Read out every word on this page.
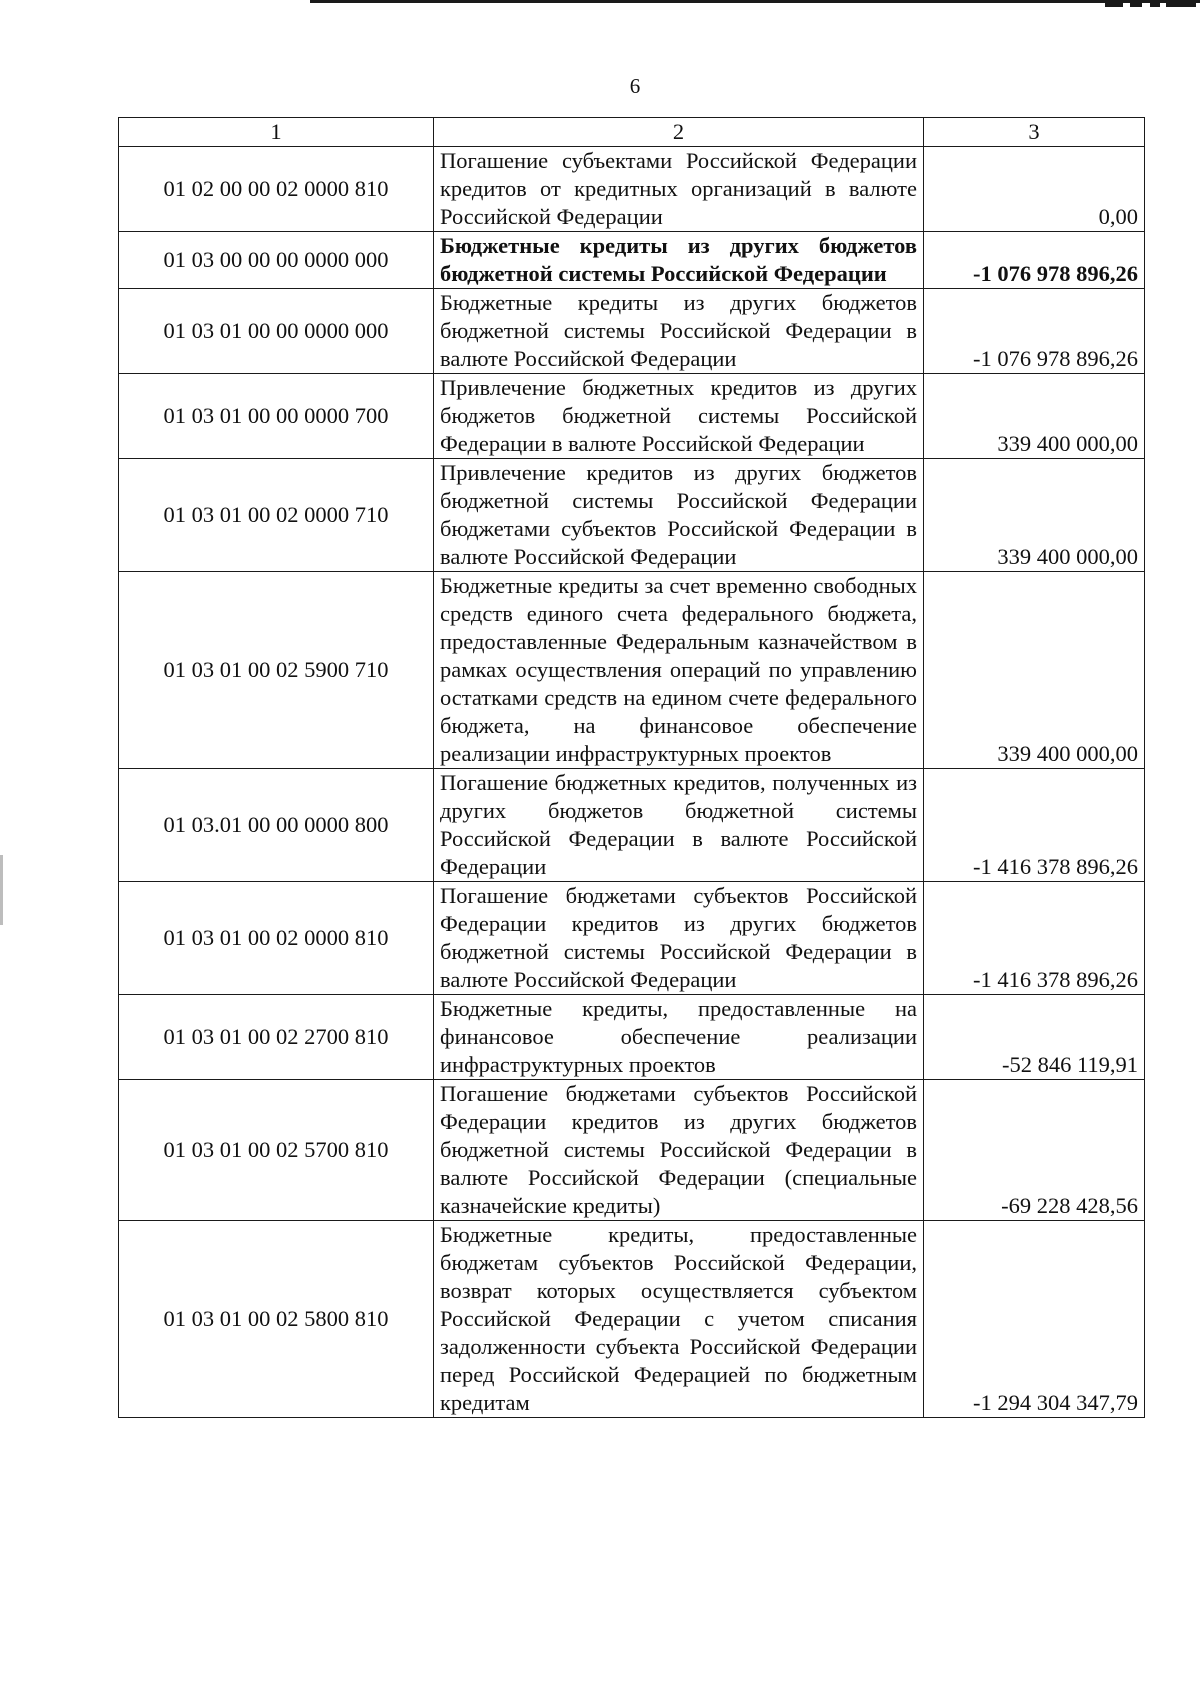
6
1	2	3
01 02 00 00 02 0000 810	Погашение субъектами Российской Федерации кредитов от кредитных организаций в валюте Российской Федерации	0,00
01 03 00 00 00 0000 000	Бюджетные кредиты из других бюджетов бюджетной системы Российской Федерации	-1 076 978 896,26
01 03 01 00 00 0000 000	Бюджетные кредиты из других бюджетов бюджетной системы Российской Федерации в валюте Российской Федерации	-1 076 978 896,26
01 03 01 00 00 0000 700	Привлечение бюджетных кредитов из других бюджетов бюджетной системы Российской Федерации в валюте Российской Федерации	339 400 000,00
01 03 01 00 02 0000 710	Привлечение кредитов из других бюджетов бюджетной системы Российской Федерации бюджетами субъектов Российской Федерации в валюте Российской Федерации	339 400 000,00
01 03 01 00 02 5900 710	Бюджетные кредиты за счет временно свободных средств единого счета федерального бюджета, предоставленные Федеральным казначейством в рамках осуществления операций по управлению остатками средств на едином счете федерального бюджета, на финансовое обеспечение реализации инфраструктурных проектов	339 400 000,00
01 03.01 00 00 0000 800	Погашение бюджетных кредитов, полученных из других бюджетов бюджетной системы Российской Федерации в валюте Российской Федерации	-1 416 378 896,26
01 03 01 00 02 0000 810	Погашение бюджетами субъектов Российской Федерации кредитов из других бюджетов бюджетной системы Российской Федерации в валюте Российской Федерации	-1 416 378 896,26
01 03 01 00 02 2700 810	Бюджетные кредиты, предоставленные на финансовое обеспечение реализации инфраструктурных проектов	-52 846 119,91
01 03 01 00 02 5700 810	Погашение бюджетами субъектов Российской Федерации кредитов из других бюджетов бюджетной системы Российской Федерации в валюте Российской Федерации (специальные казначейские кредиты)	-69 228 428,56
01 03 01 00 02 5800 810	Бюджетные кредиты, предоставленные бюджетам субъектов Российской Федерации, возврат которых осуществляется субъектом Российской Федерации с учетом списания задолженности субъекта Российской Федерации перед Российской Федерацией по бюджетным кредитам	-1 294 304 347,79
